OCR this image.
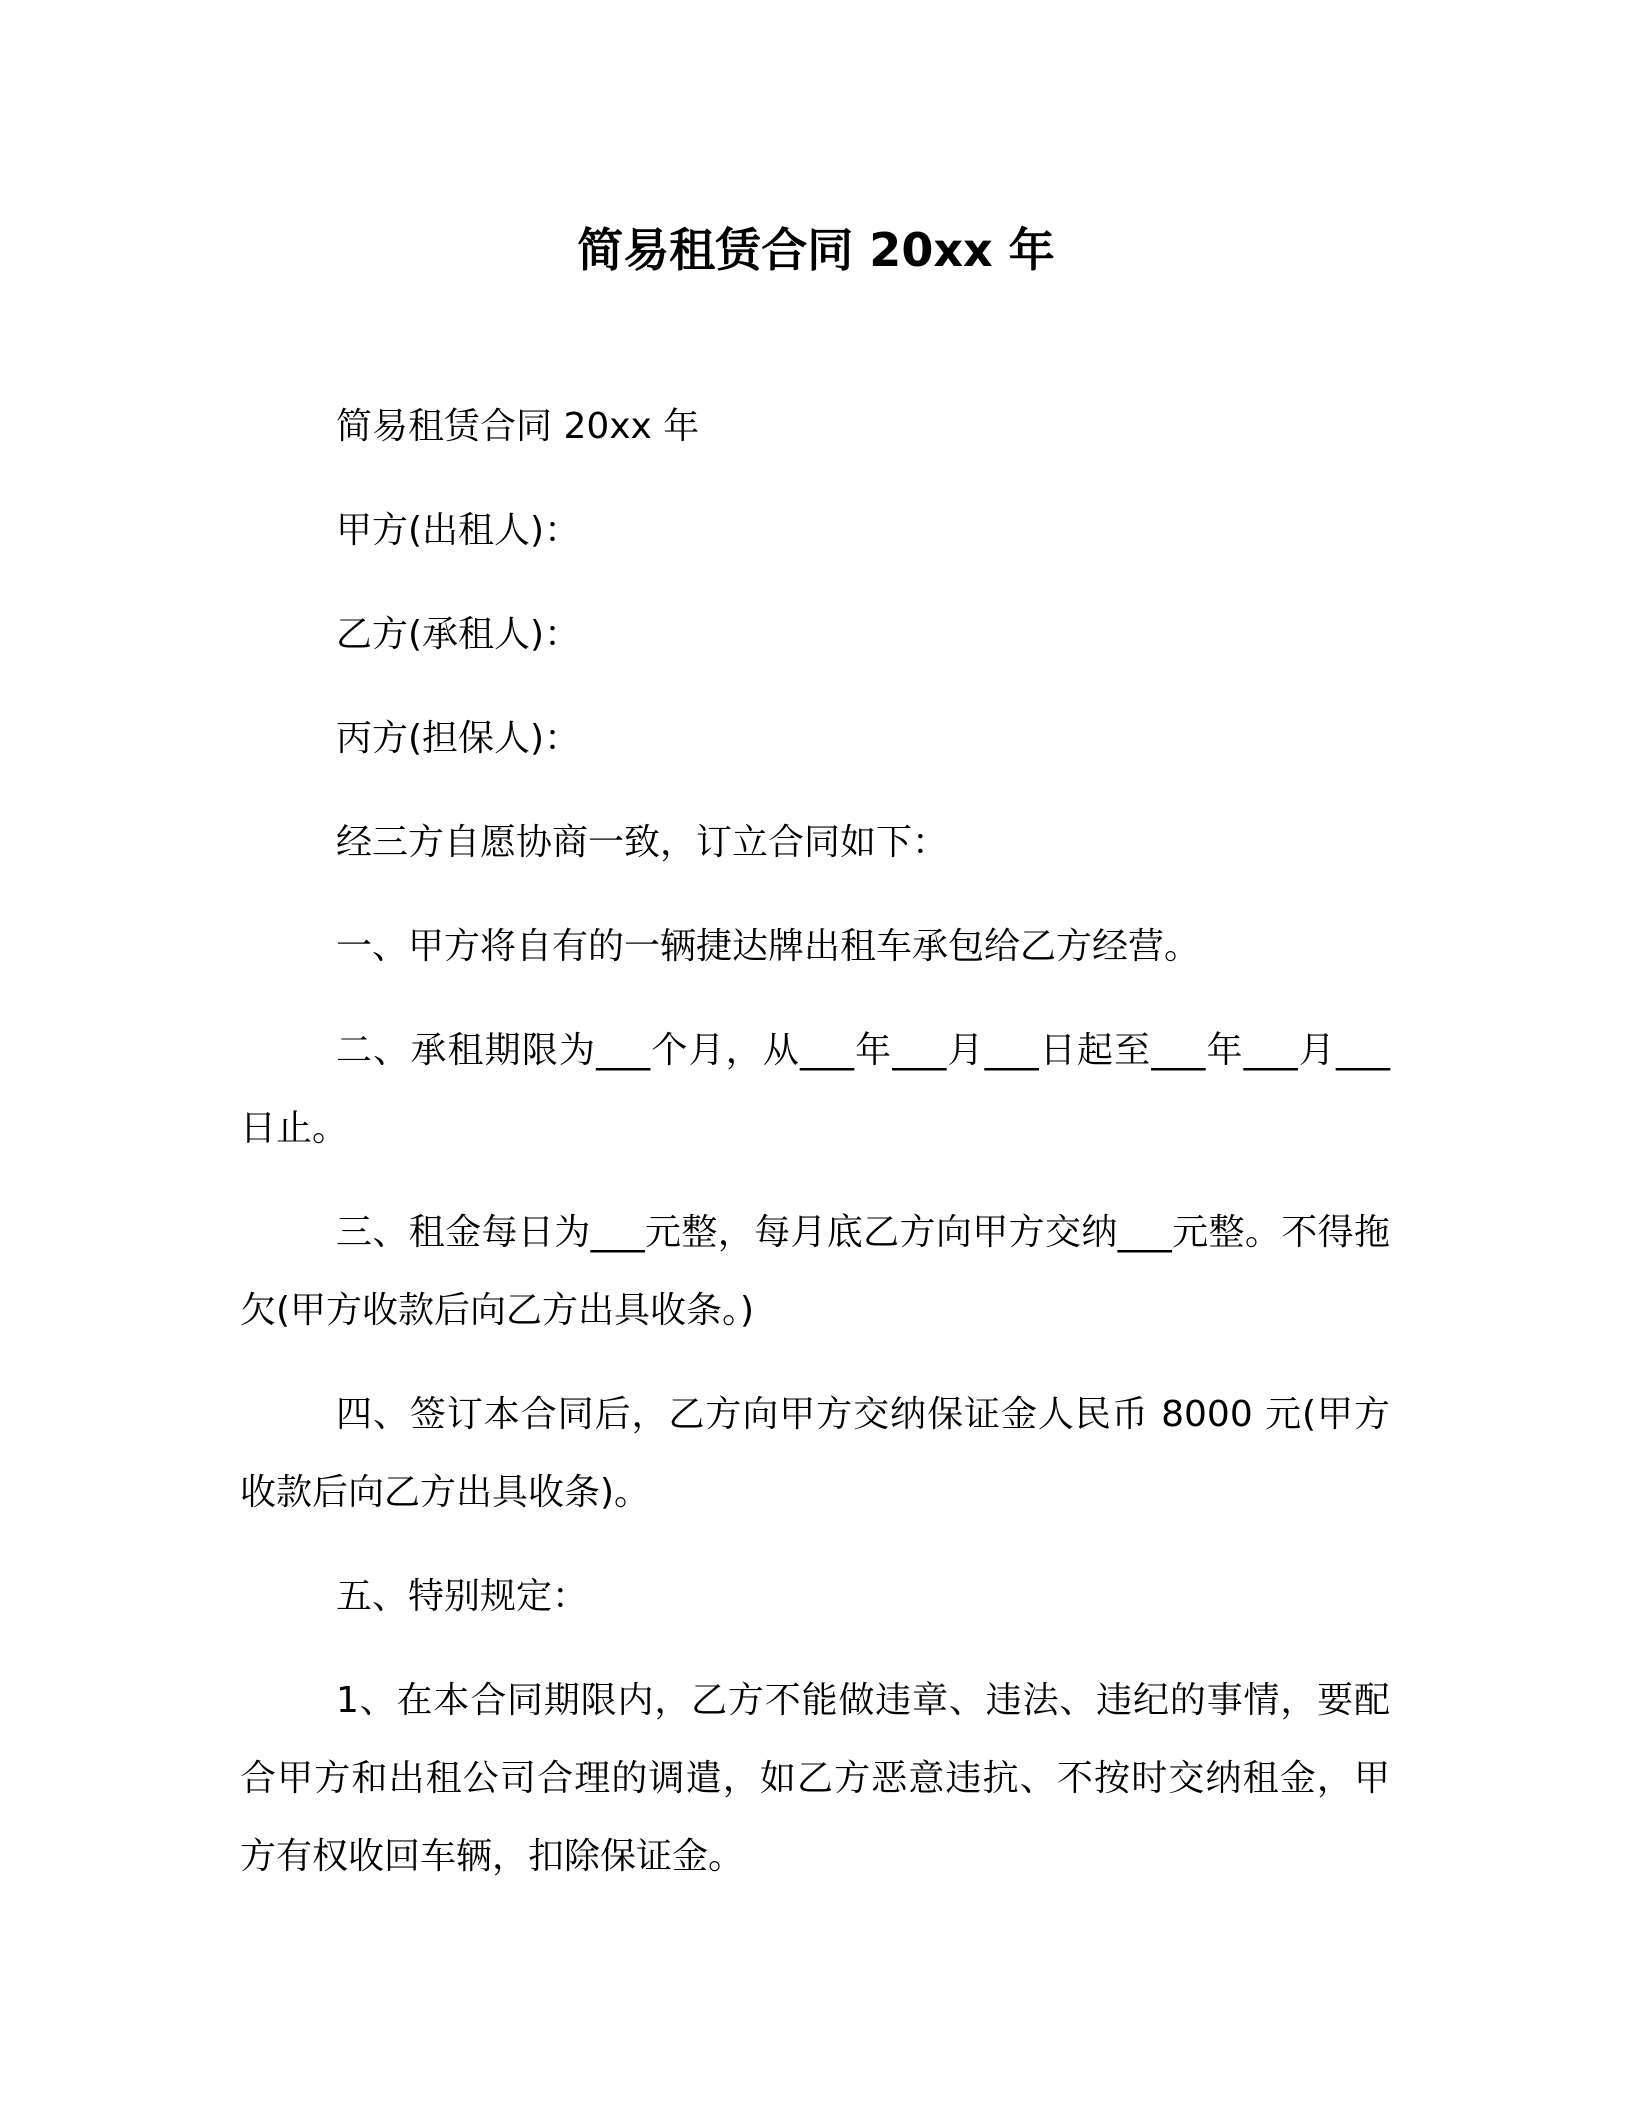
简易租赁合同 20xx 年

简易租赁合同 20xx 年

甲方(出租人)：

乙方(承租人)：

丙方(担保人)：

经三方自愿协商一致，订立合同如下：

一、甲方将自有的一辆捷达牌出租车承包给乙方经营。

二、承租期限为___个月，从___年___月___日起至___年___月___日止。

三、租金每日为___元整，每月底乙方向甲方交纳___元整。不得拖欠(甲方收款后向乙方出具收条。)

四、签订本合同后，乙方向甲方交纳保证金人民币 8000 元(甲方收款后向乙方出具收条)。

五、特别规定：

1、在本合同期限内，乙方不能做违章、违法、违纪的事情，要配合甲方和出租公司合理的调遣，如乙方恶意违抗、不按时交纳租金，甲方有权收回车辆，扣除保证金。
